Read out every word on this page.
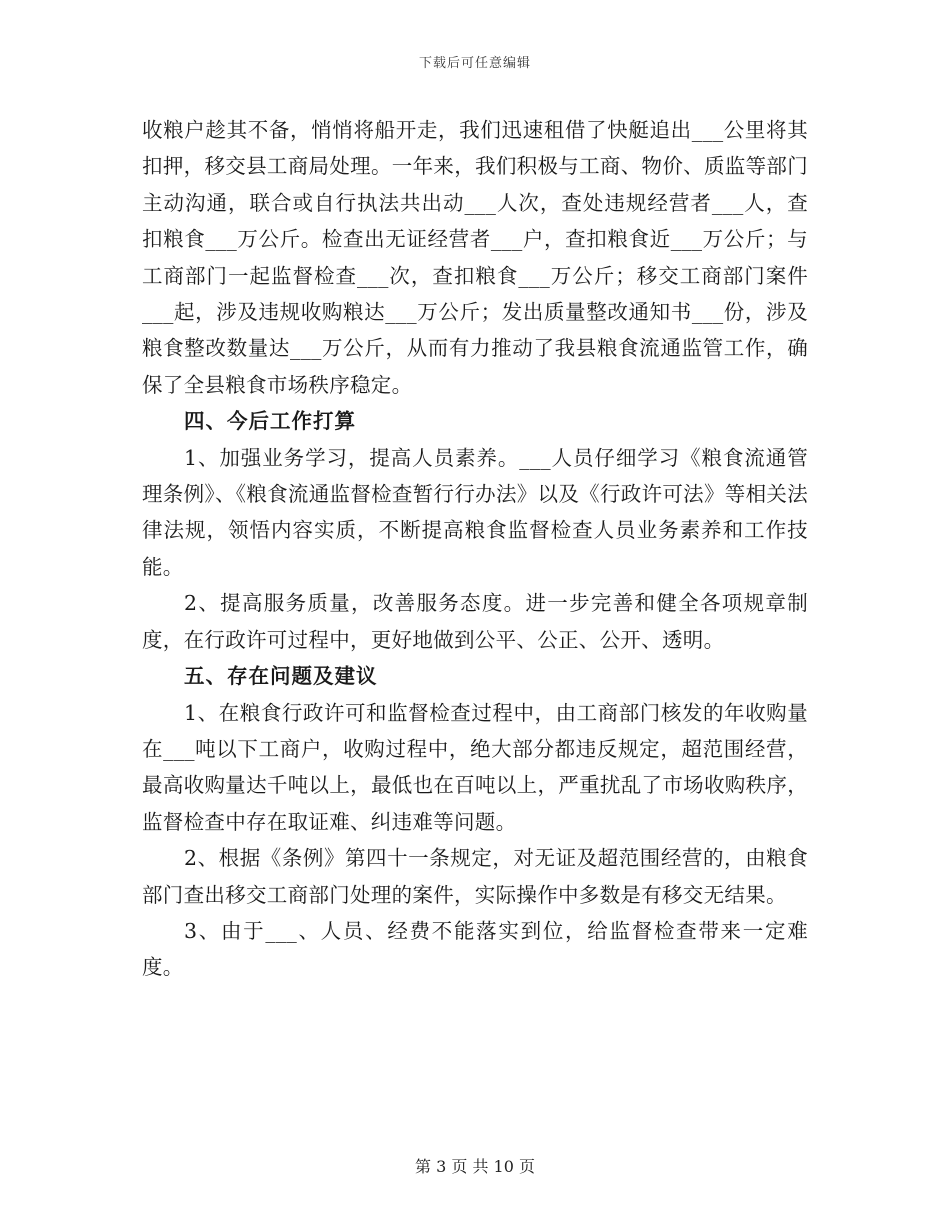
下载后可任意编辑

收粮户趁其不备，悄悄将船开走，我们迅速租借了快艇追出___公里将其扣押，移交县工商局处理。一年来，我们积极与工商、物价、质监等部门主动沟通，联合或自行执法共出动___人次，查处违规经营者___人，查扣粮食___万公斤。检查出无证经营者___户，查扣粮食近___万公斤；与工商部门一起监督检查___次，查扣粮食___万公斤；移交工商部门案件___起，涉及违规收购粮达___万公斤；发出质量整改通知书___份，涉及粮食整改数量达___万公斤，从而有力推动了我县粮食流通监管工作，确保了全县粮食市场秩序稳定。

四、今后工作打算

1、加强业务学习，提高人员素养。___人员仔细学习《粮食流通管理条例》、《粮食流通监督检查暂行行办法》以及《行政许可法》等相关法律法规，领悟内容实质，不断提高粮食监督检查人员业务素养和工作技能。

2、提高服务质量，改善服务态度。进一步完善和健全各项规章制度，在行政许可过程中，更好地做到公平、公正、公开、透明。

五、存在问题及建议

1、在粮食行政许可和监督检查过程中，由工商部门核发的年收购量在___吨以下工商户，收购过程中，绝大部分都违反规定，超范围经营，最高收购量达千吨以上，最低也在百吨以上，严重扰乱了市场收购秩序，监督检查中存在取证难、纠违难等问题。

2、根据《条例》第四十一条规定，对无证及超范围经营的，由粮食部门查出移交工商部门处理的案件，实际操作中多数是有移交无结果。

3、由于___、人员、经费不能落实到位，给监督检查带来一定难度。

第 3 页 共 10 页
